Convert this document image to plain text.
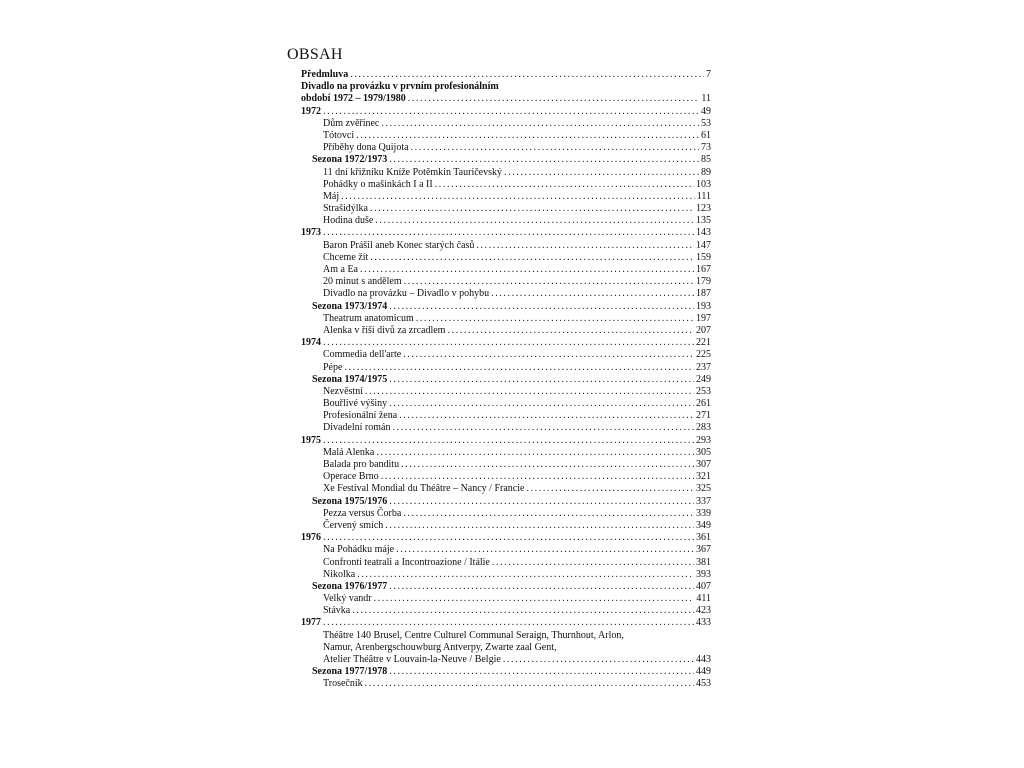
OBSAH
Předmluva .....	7
Divadlo na provázku v prvním profesionálním
období 1972 – 1979/1980 .....	11
1972 .....	49
Dům zvěřinec .....	53
Tótovci .....	61
Příběhy dona Quijota .....	73
Sezona 1972/1973 .....	85
11 dní křižníku Kníže Potěmkin Tauričevský .....	89
Pohádky o mašinkách I a II .....	103
Máj .....	111
Strašidýlka .....	123
Hodina duše .....	135
1973 .....	143
Baron Prášil aneb Konec starých časů .....	147
Chceme žít .....	159
Am a Ea .....	167
20 minut s andělem .....	179
Divadlo na provázku – Divadlo v pohybu .....	187
Sezona 1973/1974 .....	193
Theatrum anatomicum .....	197
Alenka v říši divů za zrcadlem .....	207
1974 .....	221
Commedia dell'arte .....	225
Pépe .....	237
Sezona 1974/1975 .....	249
Nezvěstní .....	253
Bouřlivé výšiny .....	261
Profesionální žena .....	271
Divadelní román .....	283
1975 .....	293
Malá Alenka .....	305
Balada pro banditu .....	307
Operace Brno .....	321
Xe Festival Mondial du Théâtre – Nancy / Francie .....	325
Sezona 1975/1976 .....	337
Pezza versus Čorba .....	339
Červený smích .....	349
1976 .....	361
Na Pohádku máje .....	367
Confronti teatrali a Incontroazione / Itálie .....	381
Nikolka .....	393
Sezona 1976/1977 .....	407
Velký vandr .....	411
Stávka .....	423
1977 .....	433
Théâtre 140 Brusel, Centre Culturel Communal Seraign, Thurnhout, Arlon,
Namur, Arenbergschouwburg Antverpy, Zwarte zaal Gent,
Atelier Théâtre v Louvain-la-Neuve / Belgie .....	443
Sezona 1977/1978 .....	449
Trosečník .....	453
